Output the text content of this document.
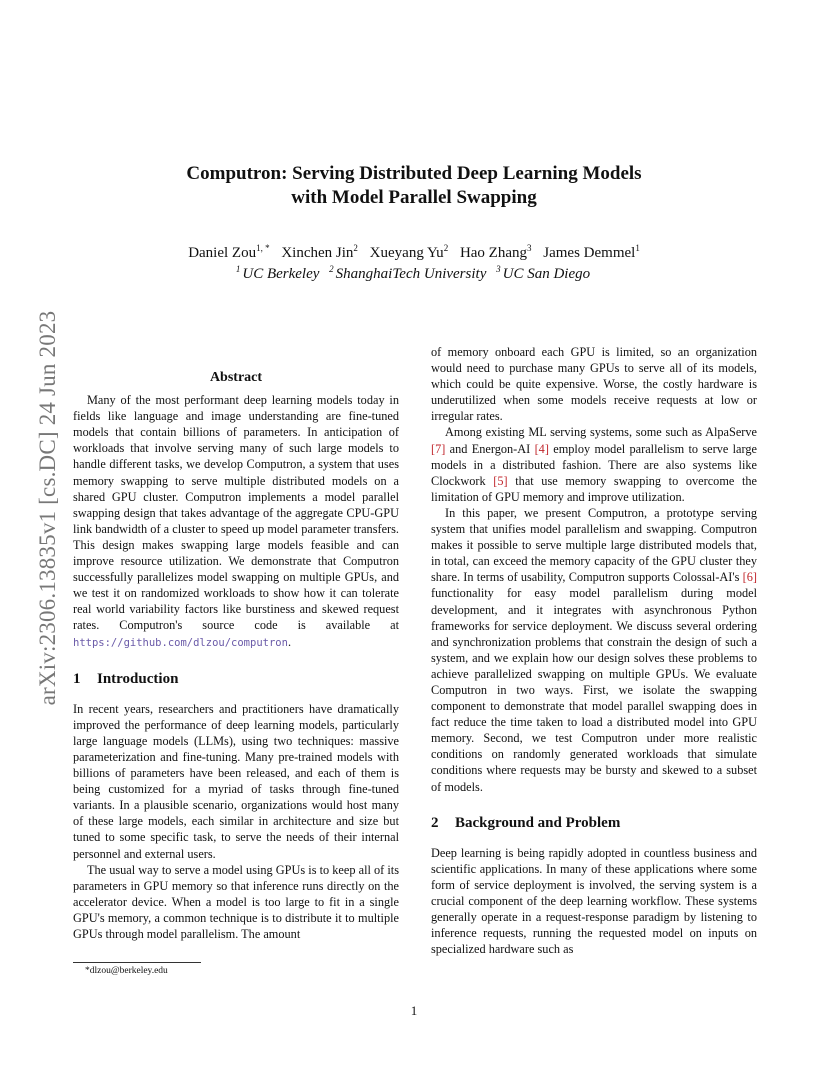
arXiv:2306.13835v1 [cs.DC] 24 Jun 2023
Computron: Serving Distributed Deep Learning Models
with Model Parallel Swapping
Daniel Zou$^{1, *}$ Xinchen Jin$^2$ Xueyang Yu$^2$ Hao Zhang$^3$ James Demmel$^1$
$^1$ UC Berkeley $^2$ ShanghaiTech University $^3$ UC San Diego
Abstract

Many of the most performant deep learning models today in fields like language and image understanding are fine-tuned models that contain billions of parameters. In anticipation of workloads that involve serving many of such large models to handle different tasks, we develop Computron, a system that uses memory swapping to serve multiple distributed models on a shared GPU cluster. Computron implements a model parallel swapping design that takes advantage of the aggregate CPU-GPU link bandwidth of a cluster to speed up model parameter transfers. This design makes swapping large models feasible and can improve resource utilization. We demonstrate that Computron successfully parallelizes model swapping on multiple GPUs, and we test it on randomized workloads to show how it can tolerate real world variability factors like burstiness and skewed request rates. Computron's source code is available at https://github.com/dlzou/computron.

1 Introduction

In recent years, researchers and practitioners have dramatically improved the performance of deep learning models, particularly large language models (LLMs), using two techniques: massive parameterization and fine-tuning. Many pre-trained models with billions of parameters have been released, and each of them is being customized for a myriad of tasks through fine-tuned variants. In a plausible scenario, organizations would host many of these large models, each similar in architecture and size but tuned to some specific task, to serve the needs of their internal personnel and external users.

The usual way to serve a model using GPUs is to keep all of its parameters in GPU memory so that inference runs directly on the accelerator device. When a model is too large to fit in a single GPU's memory, a common technique is to distribute it to multiple GPUs through model parallelism. The amount

of memory onboard each GPU is limited, so an organization would need to purchase many GPUs to serve all of its models, which could be quite expensive. Worse, the costly hardware is underutilized when some models receive requests at low or irregular rates.

Among existing ML serving systems, some such as AlpaServe [7] and Energon-AI [4] employ model parallelism to serve large models in a distributed fashion. There are also systems like Clockwork [5] that use memory swapping to overcome the limitation of GPU memory and improve utilization.

In this paper, we present Computron, a prototype serving system that unifies model parallelism and swapping. Computron makes it possible to serve multiple large distributed models that, in total, can exceed the memory capacity of the GPU cluster they share. In terms of usability, Computron supports Colossal-AI's [6] functionality for easy model parallelism during model development, and it integrates with asynchronous Python frameworks for service deployment. We discuss several ordering and synchronization problems that constrain the design of such a system, and we explain how our design solves these problems to achieve parallelized swapping on multiple GPUs. We evaluate Computron in two ways. First, we isolate the swapping component to demonstrate that model parallel swapping does in fact reduce the time taken to load a distributed model into GPU memory. Second, we test Computron under more realistic conditions on randomly generated workloads that simulate conditions where requests may be bursty and skewed to a subset of models.

2 Background and Problem

Deep learning is being rapidly adopted in countless business and scientific applications. In many of these applications where some form of service deployment is involved, the serving system is a crucial component of the deep learning workflow. These systems generally operate in a request-response paradigm by listening to inference requests, running the requested model on inputs on specialized hardware such as

*dlzou@berkeley.edu
1
